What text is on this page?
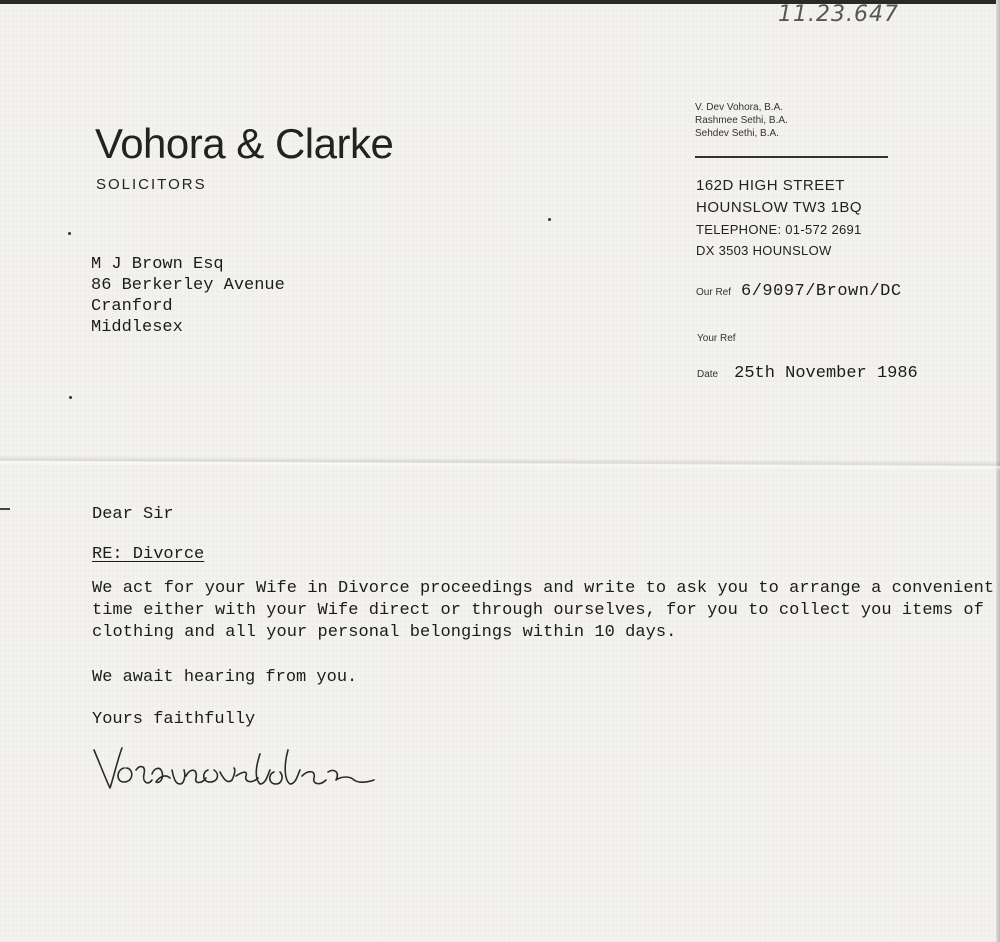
11.23.647
Vohora & Clarke
SOLICITORS
V. Dev Vohora, B.A.
Rashmee Sethi, B.A.
Sehdev Sethi, B.A.
162D HIGH STREET
HOUNSLOW TW3 1BQ
TELEPHONE: 01-572 2691
DX 3503 HOUNSLOW
Our Ref 6/9097/Brown/DC
Your Ref
Date 25th November 1986
M J Brown Esq
86 Berkerley Avenue
Cranford
Middlesex
Dear Sir
RE: Divorce
We act for your Wife in Divorce proceedings and write to ask you to arrange a convenient
time either with your Wife direct or through ourselves, for you to collect you items of
clothing and all your personal belongings within 10 days.
We await hearing from you.
Yours faithfully
